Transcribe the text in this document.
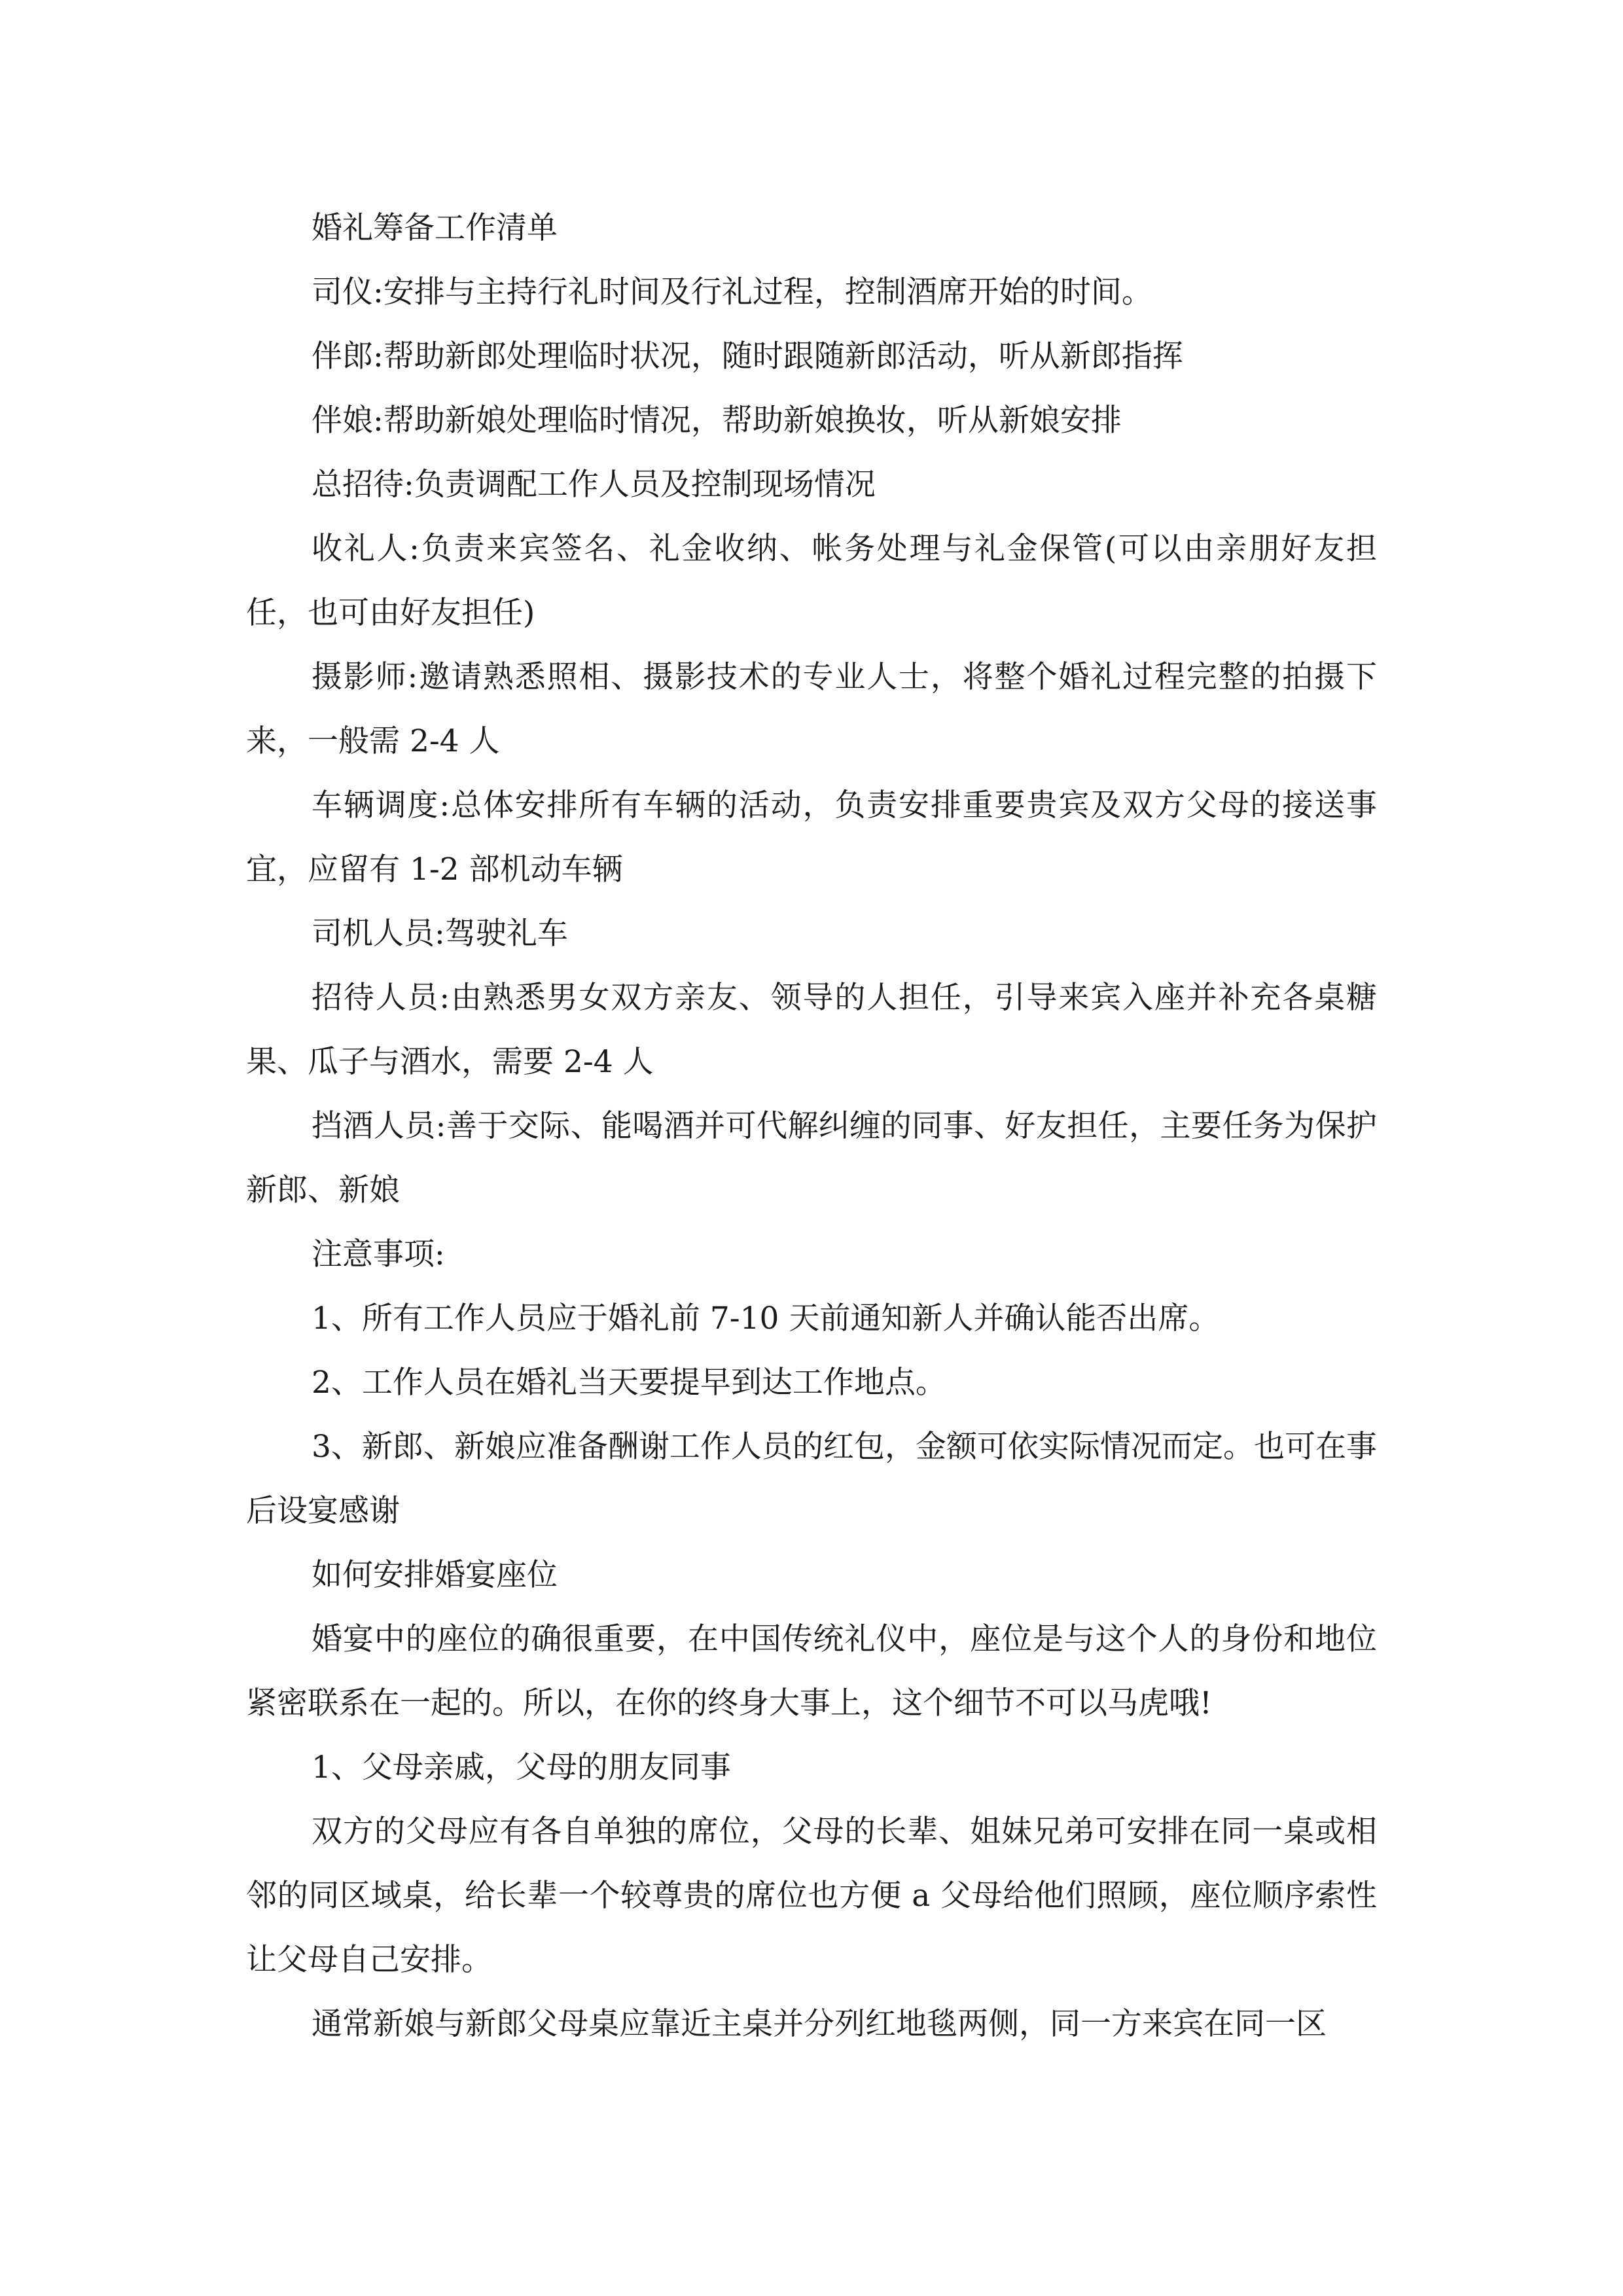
婚礼筹备工作清单

司仪:安排与主持行礼时间及行礼过程，控制酒席开始的时间。

伴郎:帮助新郎处理临时状况，随时跟随新郎活动，听从新郎指挥

伴娘:帮助新娘处理临时情况，帮助新娘换妆，听从新娘安排

总招待:负责调配工作人员及控制现场情况

收礼人:负责来宾签名、礼金收纳、帐务处理与礼金保管(可以由亲朋好友担任，也可由好友担任)

摄影师:邀请熟悉照相、摄影技术的专业人士，将整个婚礼过程完整的拍摄下来，一般需 2-4 人

车辆调度:总体安排所有车辆的活动，负责安排重要贵宾及双方父母的接送事宜，应留有 1-2 部机动车辆

司机人员:驾驶礼车

招待人员:由熟悉男女双方亲友、领导的人担任，引导来宾入座并补充各桌糖果、瓜子与酒水，需要 2-4 人

挡酒人员:善于交际、能喝酒并可代解纠缠的同事、好友担任，主要任务为保护新郎、新娘

注意事项:

1、所有工作人员应于婚礼前 7-10 天前通知新人并确认能否出席。

2、工作人员在婚礼当天要提早到达工作地点。

3、新郎、新娘应准备酬谢工作人员的红包，金额可依实际情况而定。也可在事后设宴感谢

如何安排婚宴座位

婚宴中的座位的确很重要，在中国传统礼仪中，座位是与这个人的身份和地位紧密联系在一起的。所以，在你的终身大事上，这个细节不可以马虎哦!

1、父母亲戚，父母的朋友同事

双方的父母应有各自单独的席位，父母的长辈、姐妹兄弟可安排在同一桌或相邻的同区域桌，给长辈一个较尊贵的席位也方便 a 父母给他们照顾，座位顺序索性让父母自己安排。

通常新娘与新郎父母桌应靠近主桌并分列红地毯两侧，同一方来宾在同一区
